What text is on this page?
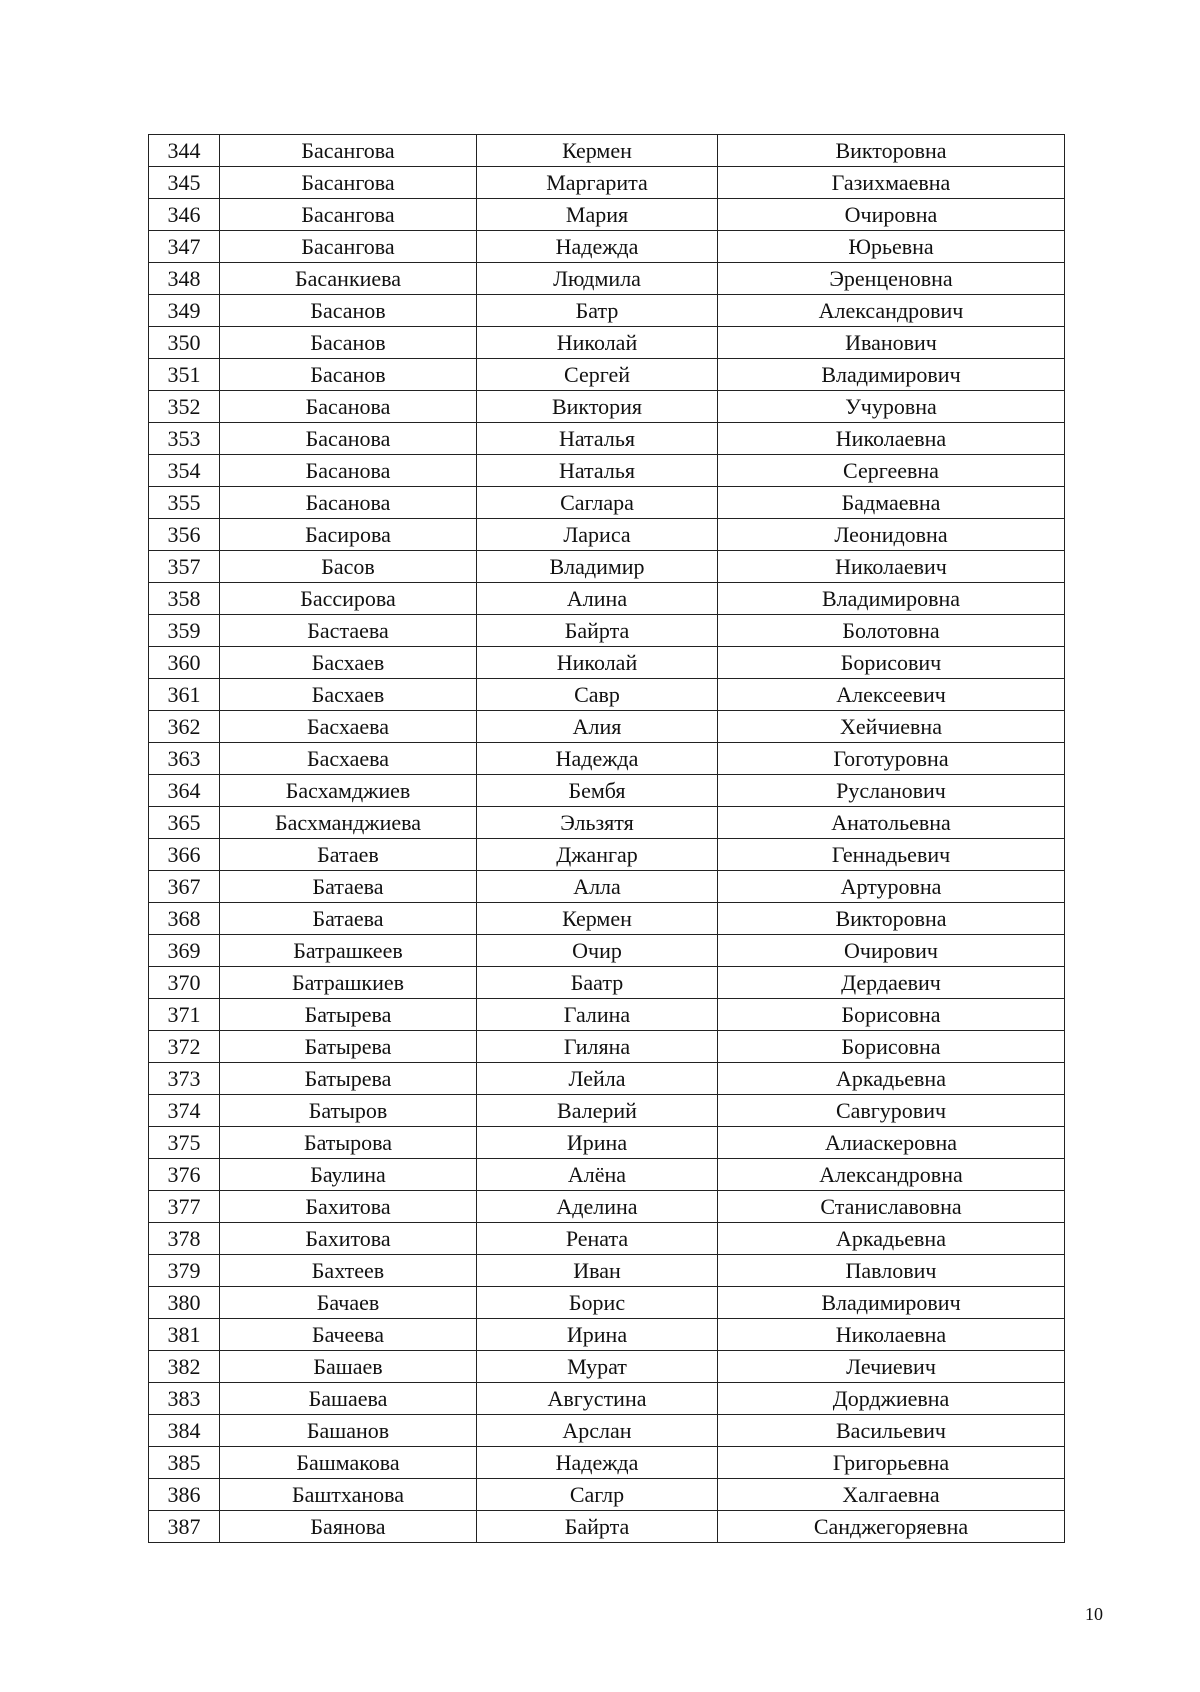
344	Басангова	Кермен	Викторовна
345	Басангова	Маргарита	Газихмаевна
346	Басангова	Мария	Очировна
347	Басангова	Надежда	Юрьевна
348	Басанкиева	Людмила	Эренценовна
349	Басанов	Батр	Александрович
350	Басанов	Николай	Иванович
351	Басанов	Сергей	Владимирович
352	Басанова	Виктория	Учуровна
353	Басанова	Наталья	Николаевна
354	Басанова	Наталья	Сергеевна
355	Басанова	Саглара	Бадмаевна
356	Басирова	Лариса	Леонидовна
357	Басов	Владимир	Николаевич
358	Бассирова	Алина	Владимировна
359	Бастаева	Байрта	Болотовна
360	Басхаев	Николай	Борисович
361	Басхаев	Савр	Алексеевич
362	Басхаева	Алия	Хейчиевна
363	Басхаева	Надежда	Гоготуровна
364	Басхамджиев	Бембя	Русланович
365	Басхманджиева	Эльзятя	Анатольевна
366	Батаев	Джангар	Геннадьевич
367	Батаева	Алла	Артуровна
368	Батаева	Кермен	Викторовна
369	Батрашкеев	Очир	Очирович
370	Батрашкиев	Баатр	Дердаевич
371	Батырева	Галина	Борисовна
372	Батырева	Гиляна	Борисовна
373	Батырева	Лейла	Аркадьевна
374	Батыров	Валерий	Савгурович
375	Батырова	Ирина	Алиаскеровна
376	Баулина	Алёна	Александровна
377	Бахитова	Аделина	Станиславовна
378	Бахитова	Рената	Аркадьевна
379	Бахтеев	Иван	Павлович
380	Бачаев	Борис	Владимирович
381	Бачеева	Ирина	Николаевна
382	Башаев	Мурат	Лечиевич
383	Башаева	Августина	Дорджиевна
384	Башанов	Арслан	Васильевич
385	Башмакова	Надежда	Григорьевна
386	Баштханова	Саглр	Халгаевна
387	Баянова	Байрта	Санджегоряевна
10
